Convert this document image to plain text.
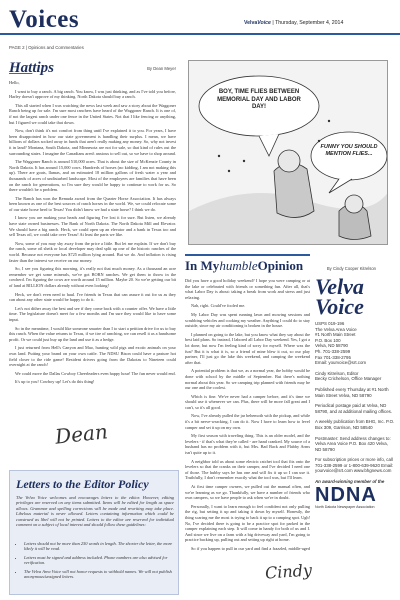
Voices	VelvaVoice | Thursday, September 4, 2014
PAGE 2 | Opinions and Commentaries
Hattips	By Dean Meyer

Hello,

I want to buy a ranch. A big ranch. You know, I was just thinking, and as I've told you before, Harley doesn't approve of my thinking. North Dakota should buy a ranch.

This all started when I was watching the news last week and saw a story about the Waggoner Ranch being up for sale. I'm sure most ranchers have heard of the Waggoner Ranch. It is one of, if not the largest ranch under one fence in the United States. Not that I like fencing or anything, but I figured we could take that down.

Now, don't think it's not comfort from thing until I've explained it to you. For years, I have been disappointed in how our state government is handling their surplus. I mean, we have billions of dollars socked away in funds that aren't really making any money. So, why not invest it in land? Montana, South Dakota, and Minnesota are not for sale, so that kind of rules out the surrounding states. I imagine the Canadians aren't anxious to sell out, so we have to shop around.

The Waggoner Ranch is around 510,000 acres. That is about the size of McKenzie County in North Dakota. It has around 15,000 cows. Hundreds of horses (no kidding, I am not making this up). There are goats, llamas, and an estimated 18 million gallons of fresh water a year and thousands of acres of undisturbed landscape. Most of the employees are families that have been on the ranch for generations, so I'm sure they would be happy to continue to work for us. So there wouldn't be a problem.

The Ranch has won the Remuda award from the Quarter Horse Association. It has always been known as one of the best sources of ranch horses in the world. We, we could relocate some of our state horse herd to Texas! You didn't know we had a state horse? I think we do.

I know you are making your heads and figuring I've lost it for sure. But listen, we already have state owned businesses. The Bank of North Dakota. The North Dakota Mill and Elevator. We should have a big ranch. Heck, we could open up an elevator and a bank in Texas too and sell Texas oil, we could take over Texas! At least the parts we like.

Now, some of you may shy away from the price a little. But let me explain. If we don't buy the ranch, some oil sheik or local developer may deal split up one of the historic ranches of the world. Because not everyone has $725 million lying around. But we do. And inflation is rising faster than the interest we receive on our money.

So, I see you figuring this morning, it's really not that much money. As a thousand an acre remember we get some minerals, we've got BORN ranches. We get them to throw in the cowherd. I'm figuring the cows are worth around 15 million. Maybe 20. So we're getting our bit of land at BILLION dollars already without even looking!

Heck, we don't even need to haul. I've friends in Texas that can assure it out for us as they can about any other state would be happy to do it.

Let's not dither away the best and see if they come back with a counter offer. We have a little time. The legislature doesn't meet for a few months and I'm sure they would like to have some input.

So in the meantime, I would like someone smarter than I to start a petition drive for us to buy this ranch. When the value returns to Texas, if we tire of ranching, we can resell it as a handsome profit. Or we could just buy up the land and use it as a hedge.

I just returned from Hell's Canyon and Mao, hunting wild pigs and exotic animals on your own land. Putting your brand on your own cattle. The NDSU Bison could have a pasture hot field closer to the ride game! Resident drivers going from the Dakotas to Nineteen could overnight at the ranch!

We could move the Dallas Cowboy Cheerleaders even happy hour! The fun never would end.

It's up to you! Cowboy up! Let's do this thing!

Dean
BOY, TIME FLIES BETWEEN MEMORIAL DAY AND LABOR DAY!
FUNNY YOU SHOULD MENTION FLIES...
Letters to the Editor Policy
The Velva Voice welcomes and encourages letters to the editor. However, editing privileges are reserved on any items submitted. Items will be edited for length as space allows. Grammar and spelling corrections will be made and rewriting may take place. Libelous material is never allowed. Letters containing information which could be construed as libel will not be printed. Letters to the editor are reserved for individual comment on a subject of local interest and should follow these guidelines:
• Letters should not be more than 250 words in length. The shorter the letter, the more likely it will be read.
• Letters must be signed and address included. Phone numbers are also advised for verification.
• The Velva Area Voice will not honor requests to withhold names. We will not publish anonymous/unsigned letters.
In MyhumbleOpinion	By Cindy Cooper Kitrelson

Did you have a good holiday weekend? I hope you were camping or at the lake or celebrated with friends or something fun. After all, that's what Labor Day is about: taking a break from work and stress and just relaxing.

Nah, right. Could've fooled me.

My Labor Day was spent running lawn and mowing sessions and scrubbing vehicles and cooking my weather. Anything I could do to stay outside, since my air conditioning is broken in the house.

I planned on going to the lake, but you know what they say about the best laid plans. So instead, I labored all Labor Day weekend. Yes, I got a lot done, but now I'm feeling kind of sorry for myself. Where was the fun? But it is what it is, so a friend of mine blew it out, so our play partner, I'll just go the lake this weekend, and camping the weekend after that.

A potential problem is that we, as a normal year, the hobby would be done with school by the middle of September. But there's nothing normal about this year. So we camping trip planned with friends may be our one and the coolest.

Which is fine. We've never had a camper before, and it's time we should use it whenever we can. Plus, there will be more fall great and I can't, so it's all good.

Now, I've already pulled the jar behemoth with the pickup, and while it's a bit nerve-wracking, I can do it. Now I have to learn how to level camper and set it up on my own.

My first season with traveling thing. This is an older model, and the levelers - if that's what they're called - are hand cranked. My source of a husband has no problem with it, but Mrs. Bad Back and Flabby Arms isn't quite up to it.

A neighbor told us about some electric ratchet tool that fits onto the levelers so that the cranks on their camper, and I've decided I need one of those. The hubby says he has one and will fix it up so I can use it. Truthfully, I don't remember exactly what the tool was, but I'll learn.

At first time camper owners, we pulled out the manual often, and we're learning as we go. Thankfully, we have a number of friends who own campers, so we have people to ask when we're in doubt.

Personally, I want to learn enough to feel confident not only pulling the rig, but setting it up and taking it down by myself. Honestly, the thing scaring me the most is trying to back it up to a camping spot. Ugh! No, I've decided there is going to be a practice spot for parked in the camper explaining each step. It will come in handy for both of us and I. And since we live on a farm with a big driveway and yard, I'm going to practice backing up, pulling out and setting up right at home.

So if you happen to pull in our yard and find a frazzled, middle-aged

Cindy
Velva
Voice
USPS 019-196
The Velva Area Voice
#1 North Main Street
P.O. Box 100
Velva, ND 58790
Ph. 701-338-2599
Fax 701-338-2795
Email: yourvoice@srt.com
Cindy Kitrelson, Editor
Becky Crichelson, Office Manager
Published every Thursday at #1 North Main Street Velva, ND 58790
Periodical postage paid at Velva, ND 58790, and at additional mailing offices.
A weekly publication from BHG, Inc. P.O. Box 309, Garrison, ND 58540
Postmaster: Send address changes to: Velva Area Voice P.O. Box 420 Velva, ND 58790
For subscription prices or more info, call 701-338-2599 or 1-800-639-9620 Email: yourvoice@srt.com www.bhgnews.com
An award-winning member of the
NDNA
North Dakota Newspaper Association
